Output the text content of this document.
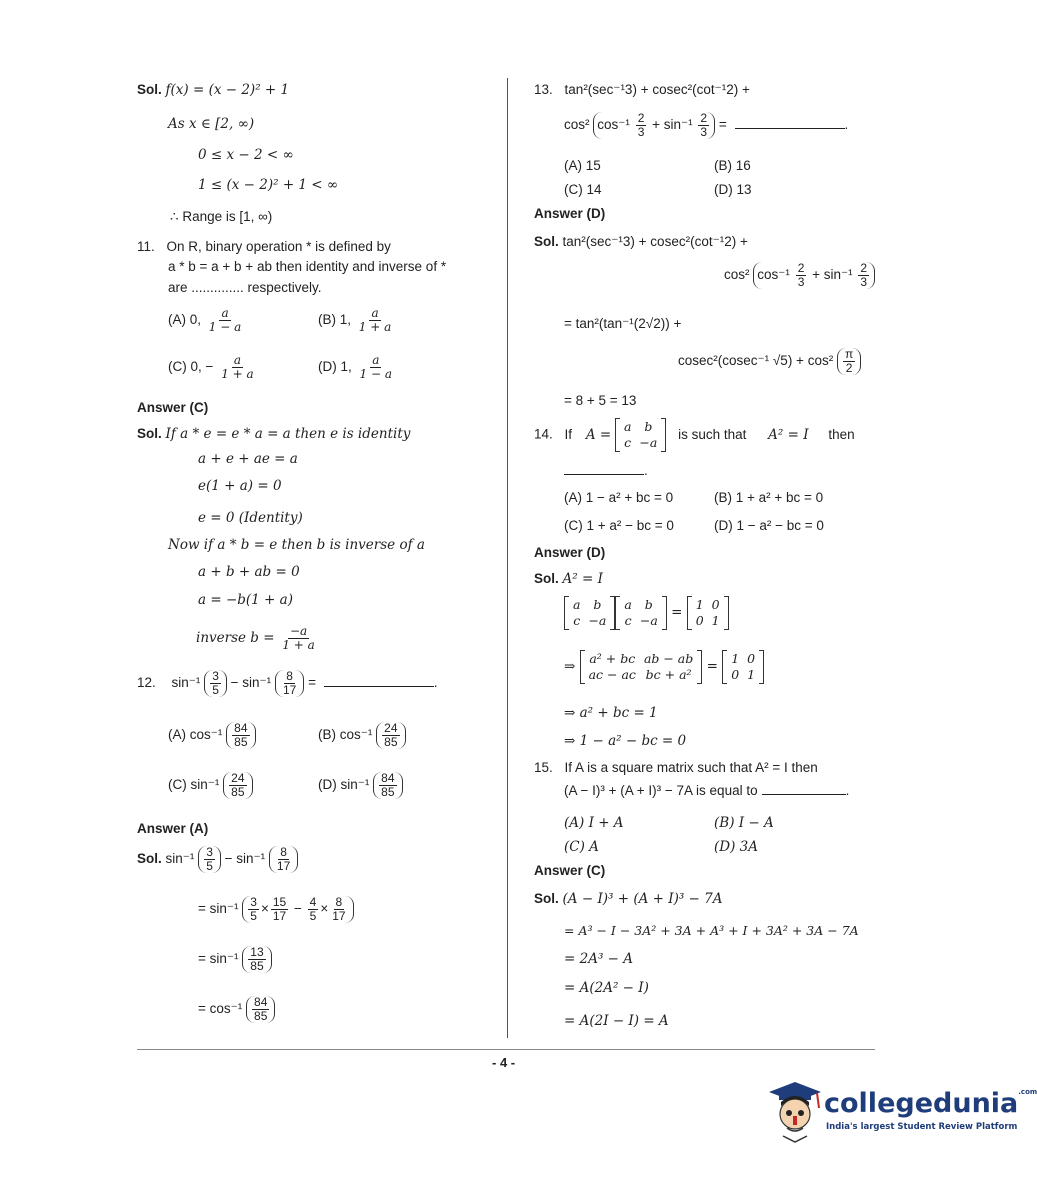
Sol. f(x) = (x − 2)² + 1
As x ∈ [2, ∞)
0 ≤ x − 2 < ∞
1 ≤ (x − 2)² + 1 < ∞
∴ Range is [1, ∞)
11. On R, binary operation * is defined by
a * b = a + b + ab then identity and inverse of *
are .............. respectively.
(A) 0, $\frac{a}{1 - a}$	(B) 1, $\frac{a}{1 + a}$
(C) 0, − $\frac{a}{1 + a}$	(D) 1, $\frac{a}{1 - a}$
Answer (C)
Sol. If a * e = e * a = a then e is identity
a + e + ae = a
e(1 + a) = 0
e = 0 (Identity)
Now if a * b = e then b is inverse of a
a + b + ab = 0
a = −b(1 + a)
inverse $b = \frac{-a}{1 + a}$
12. $\sin^{-1} \frac{3}{5} - \sin^{-1} \frac{8}{17}$ =	.
(A) $\cos^{-1} \frac{84}{85}$	(B) $\cos^{-1} \frac{24}{85}$
(C) $\sin^{-1} \frac{24}{85}$	(D) $\sin^{-1} \frac{84}{85}$
Answer (A)
Sol. $\sin^{-1} \frac{3}{5} - \sin^{-1} \frac{8}{17}$
= $\sin^{-1} \frac{3}{5} \times \frac{15}{17} - \frac{4}{5} \times \frac{8}{17}$
= $\sin^{-1} \frac{13}{85}$
= $\cos^{-1} \frac{84}{85}$
13. tan²(sec⁻¹3) + cosec²(cot⁻¹2) +
cos² $\cos^{-1} \frac{2}{3} + \sin^{-1} \frac{2}{3}$ =	.
(A) 15	(B) 16
(C) 14	(D) 13
Answer (D)
Sol. tan²(sec⁻¹3) + cosec²(cot⁻¹2) +
cos² $\cos^{-1} \frac{2}{3} + \sin^{-1} \frac{2}{3}$
= tan²(tan⁻¹(2√2)) +
cosec²(cosec⁻¹ $√5) + \cos^2 \frac{\pi}{2}$
= 8 + 5 = 13
14. If A =
a	b
c	−a
is such that A² = I then
.
(A) 1 − a² + bc = 0	(B) 1 + a² + bc = 0
(C) 1 + a² − bc = 0	(D) 1 − a² − bc = 0
Answer (D)
Sol. A² = I
a	b
c	−a
a	b
c	−a = 1	0
0	1
⇒ a² + bc	ab − ab
ac − ac	bc + a² = 1	0
0	1
⇒ a² + bc = 1
⇒ 1 − a² − bc = 0
15. If A is a square matrix such that A² = I then
(A − I)³ + (A + I)³ − 7A is equal to	.
(A) I + A	(B) I − A
(C) A	(D) 3A
Answer (C)
Sol. (A − I)³ + (A + I)³ − 7A
= A³ − I − 3A² + 3A + A³ + I + 3A² + 3A − 7A
= 2A³ − A
= A(2A² − I)
= A(2I − I) = A
- 4 -
collegedunia$^{.com}$
India's largest Student Review Platform
